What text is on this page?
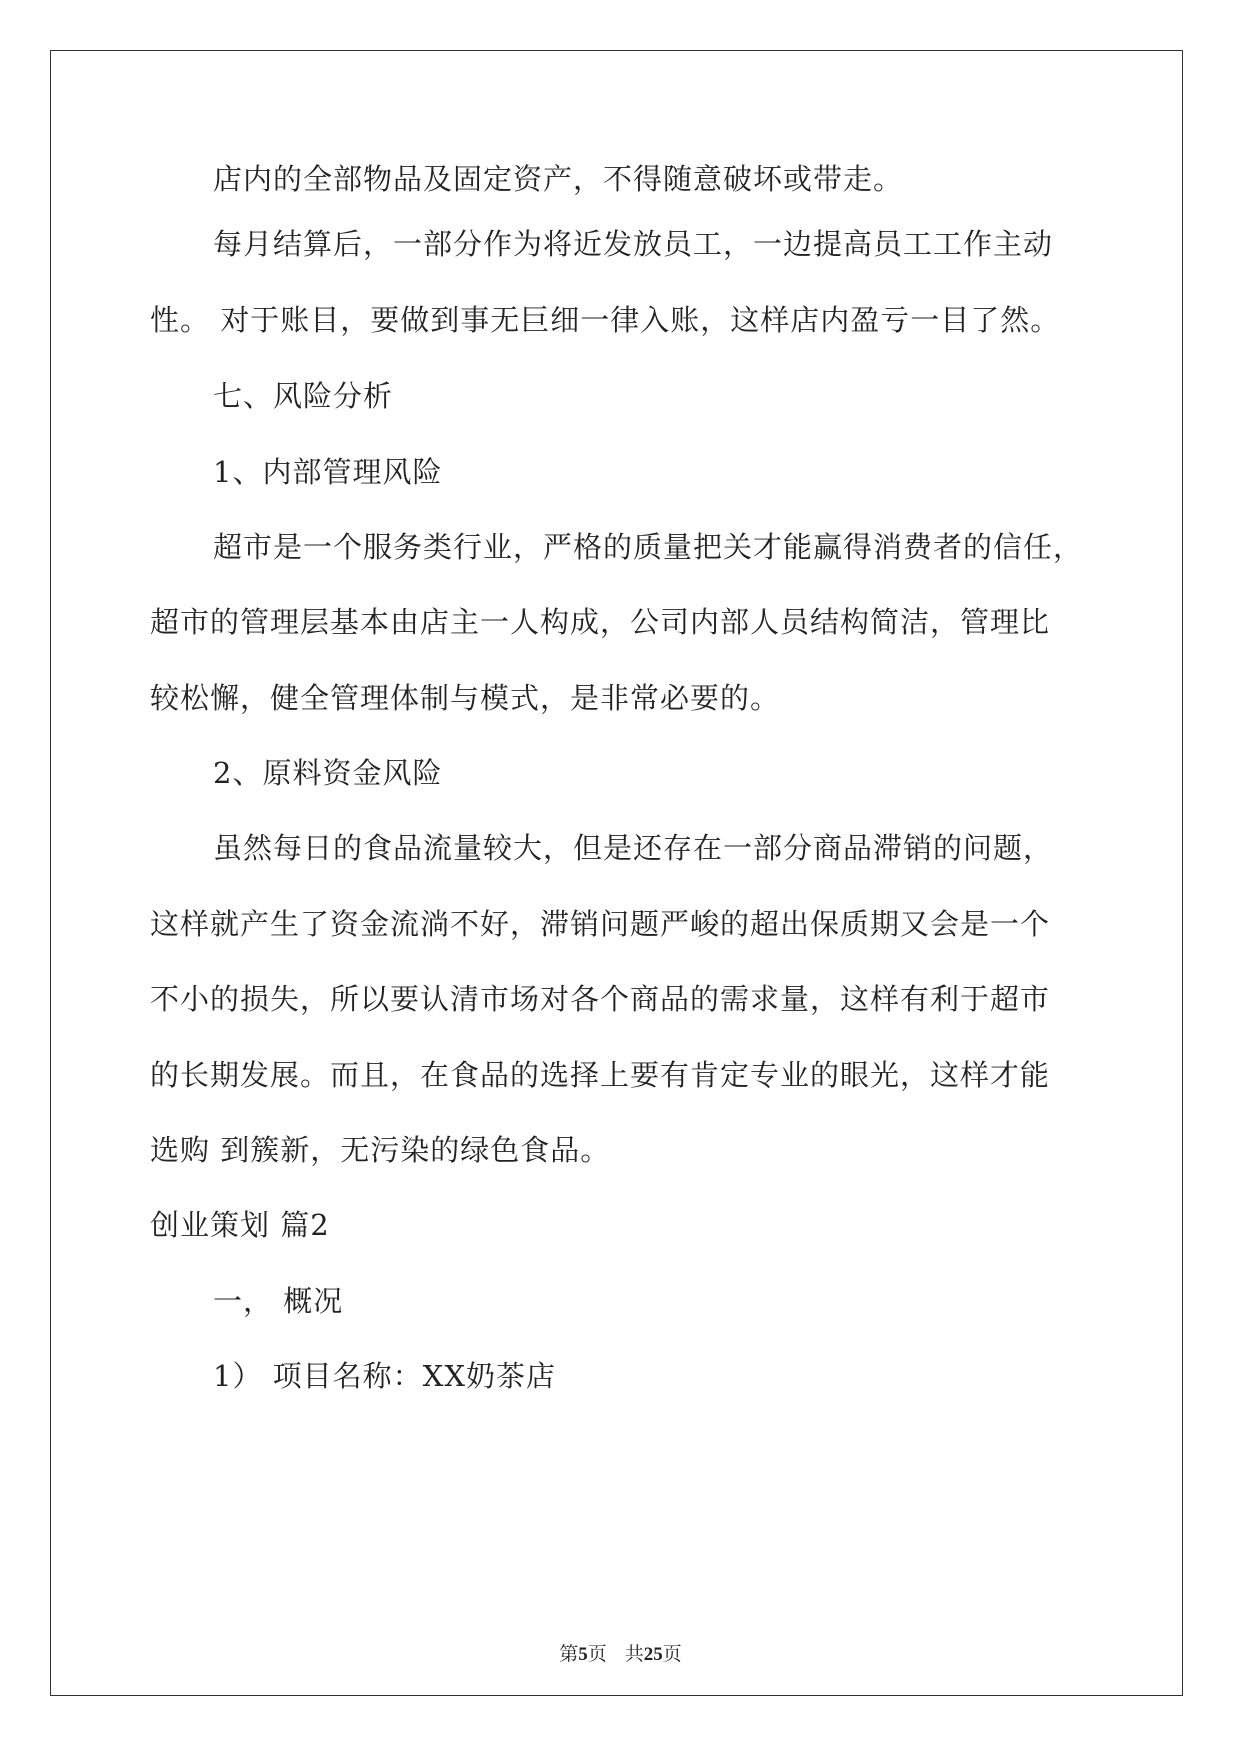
店内的全部物品及固定资产，不得随意破坏或带走。
每月结算后，一部分作为将近发放员工，一边提高员工工作主动
性。 对于账目，要做到事无巨细一律入账，这样店内盈亏一目了然。
七、风险分析
1、内部管理风险
超市是一个服务类行业，严格的质量把关才能赢得消费者的信任，
超市的管理层基本由店主一人构成，公司内部人员结构简洁，管理比
较松懈，健全管理体制与模式，是非常必要的。
2、原料资金风险
虽然每日的食品流量较大，但是还存在一部分商品滞销的问题，
这样就产生了资金流淌不好，滞销问题严峻的超出保质期又会是一个
不小的损失，所以要认清市场对各个商品的需求量，这样有利于超市
的长期发展。而且，在食品的选择上要有肯定专业的眼光，这样才能
选购 到簇新，无污染的绿色食品。
创业策划 篇2
一， 概况
1） 项目名称：XX奶茶店
第5页 共25页
